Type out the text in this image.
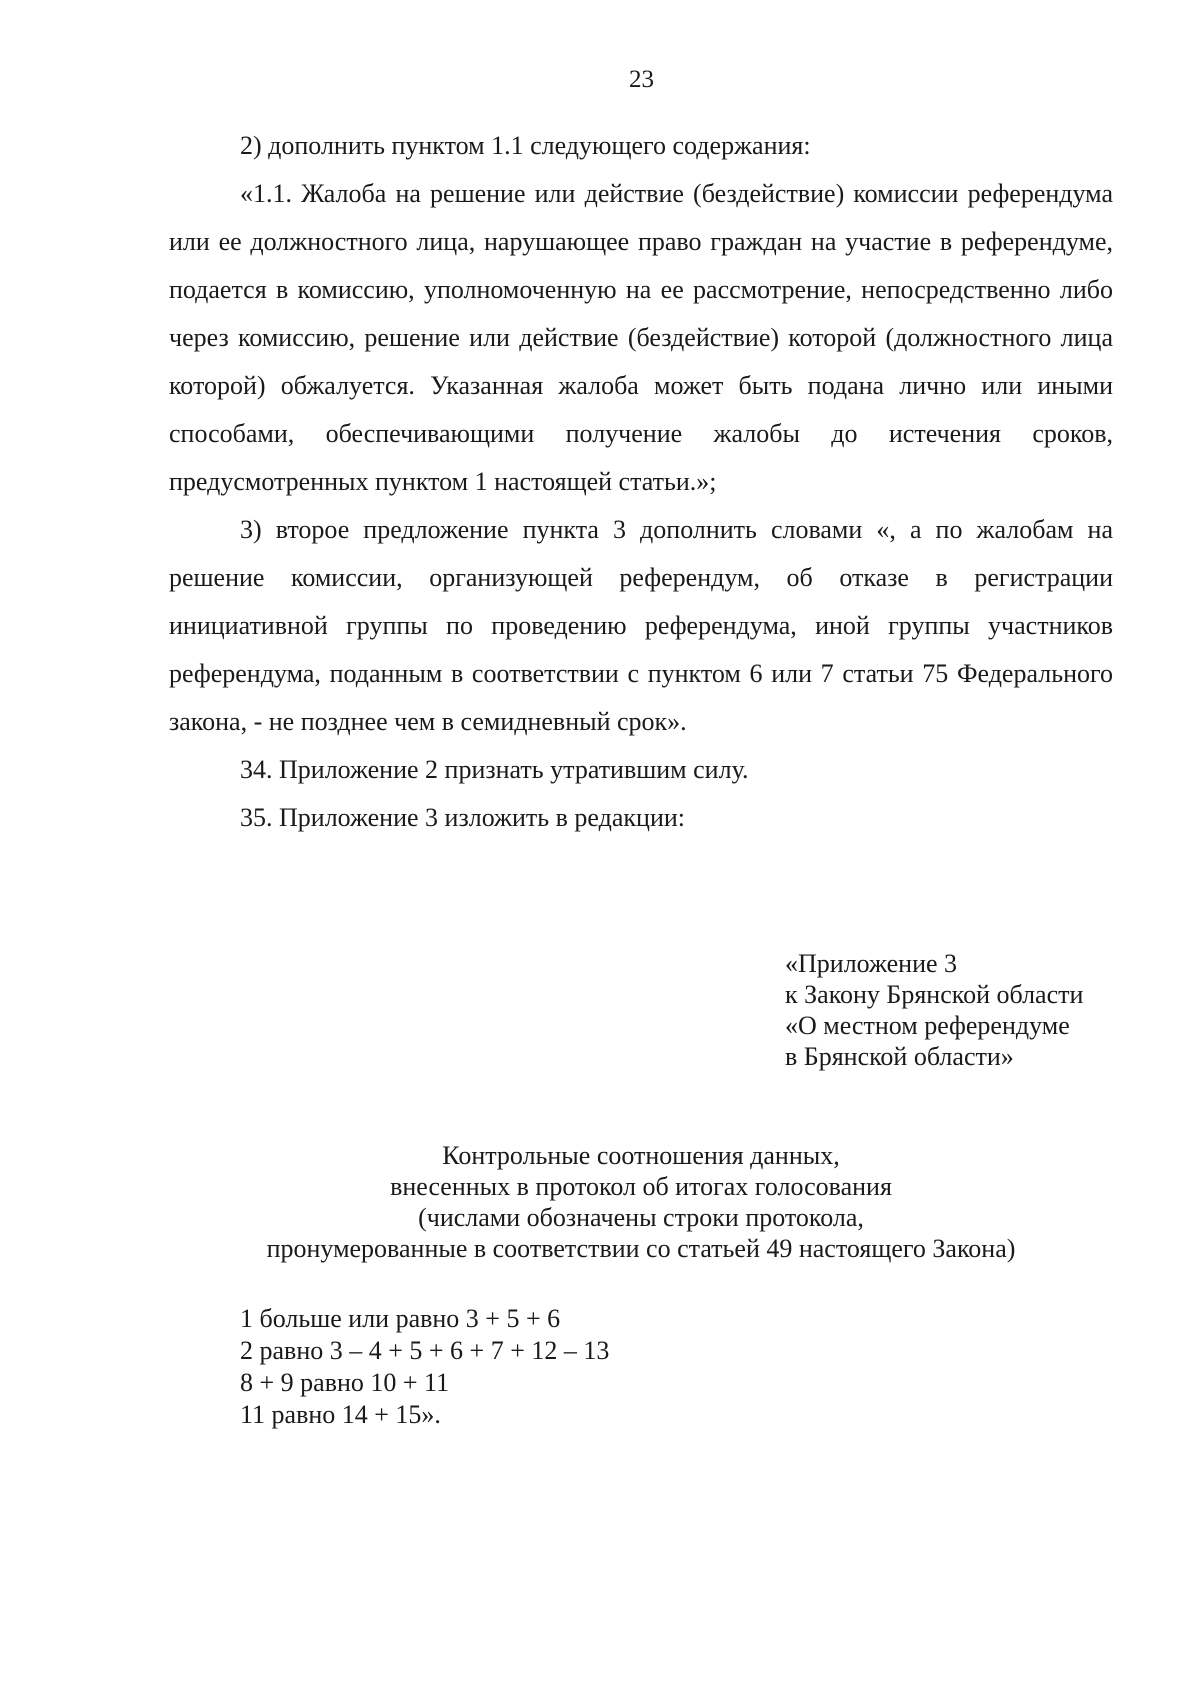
23

2) дополнить пунктом 1.1 следующего содержания:

«1.1. Жалоба на решение или действие (бездействие) комиссии референдума или ее должностного лица, нарушающее право граждан на участие в референдуме, подается в комиссию, уполномоченную на ее рассмотрение, непосредственно либо через комиссию, решение или действие (бездействие) которой (должностного лица которой) обжалуется. Указанная жалоба может быть подана лично или иными способами, обеспечивающими получение жалобы до истечения сроков, предусмотренных пунктом 1 настоящей статьи.»;

3) второе предложение пункта 3 дополнить словами «, а по жалобам на решение комиссии, организующей референдум, об отказе в регистрации инициативной группы по проведению референдума, иной группы участников референдума, поданным в соответствии с пунктом 6 или 7 статьи 75 Федерального закона, - не позднее чем в семидневный срок».

34. Приложение 2 признать утратившим силу.

35. Приложение 3 изложить в редакции:

«Приложение 3
к Закону Брянской области
«О местном референдуме
в Брянской области»
Контрольные соотношения данных,
внесенных в протокол об итогах голосования
(числами обозначены строки протокола,
пронумерованные в соответствии со статьей 49 настоящего Закона)
1 больше или равно 3 + 5 + 6
2 равно 3 – 4 + 5 + 6 + 7 + 12 – 13
8 + 9 равно 10 + 11
11 равно 14 + 15».
